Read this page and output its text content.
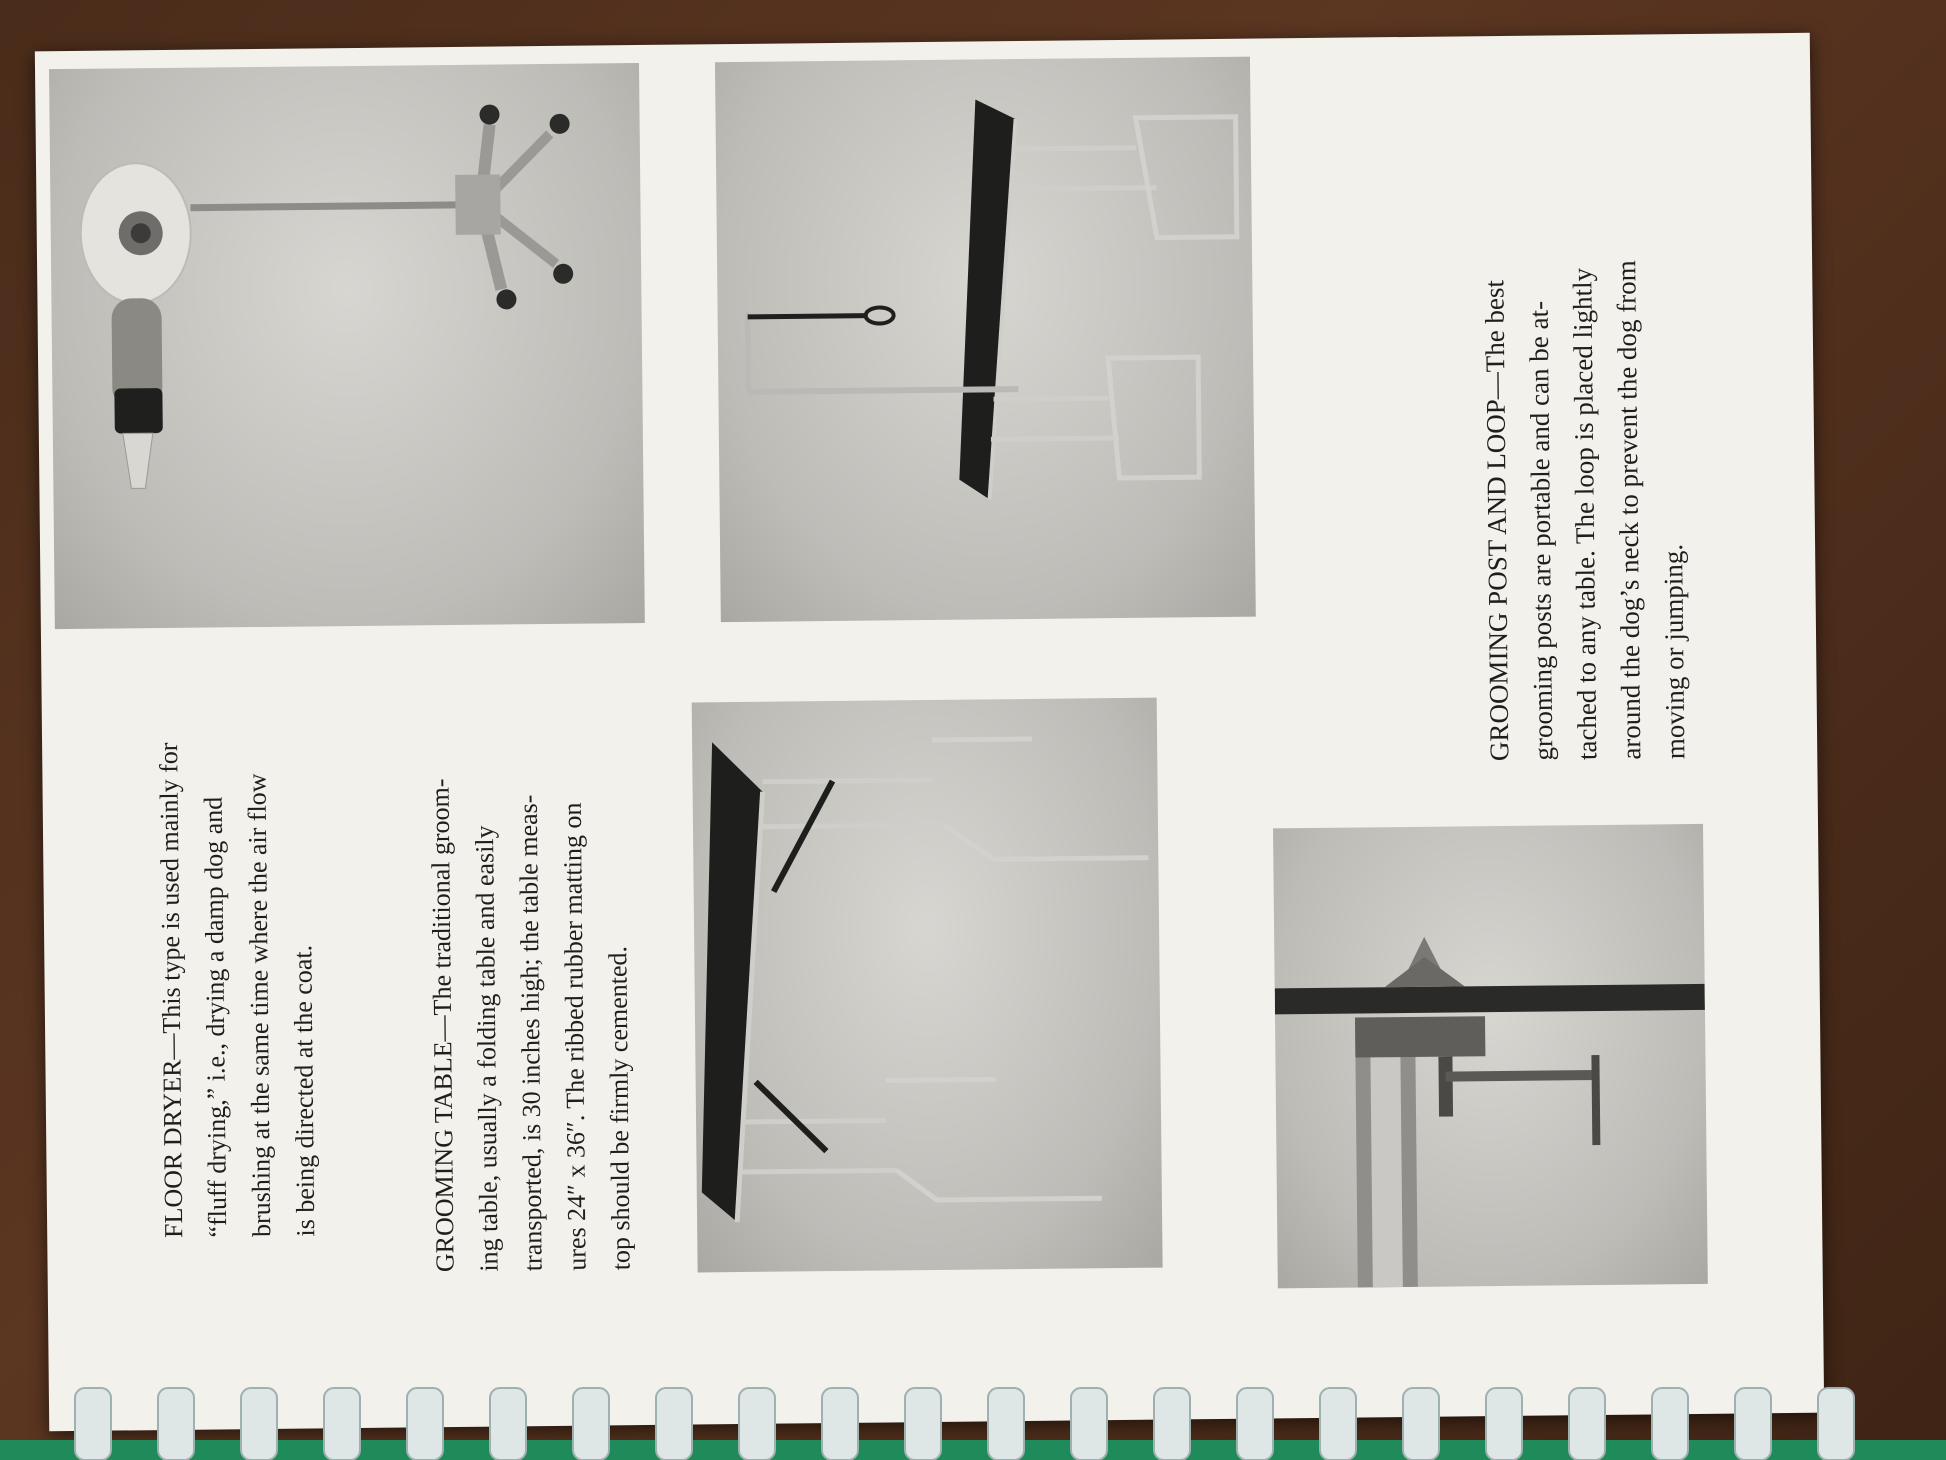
FLOOR DRYER—This type is used mainly for “fluff drying,” i.e., drying a damp dog and brushing at the same time where the air flow is being directed at the coat.	GROOMING TABLE—The traditional groom- ing table, usually a folding table and easily transported, is 30 inches high; the table meas- ures 24″ x 36″. The ribbed rubber matting on top should be firmly cemented.
GROOMING POST AND LOOP—The best grooming posts are portable and can be at- tached to any table. The loop is placed lightly around the dog’s neck to prevent the dog from moving or jumping.
